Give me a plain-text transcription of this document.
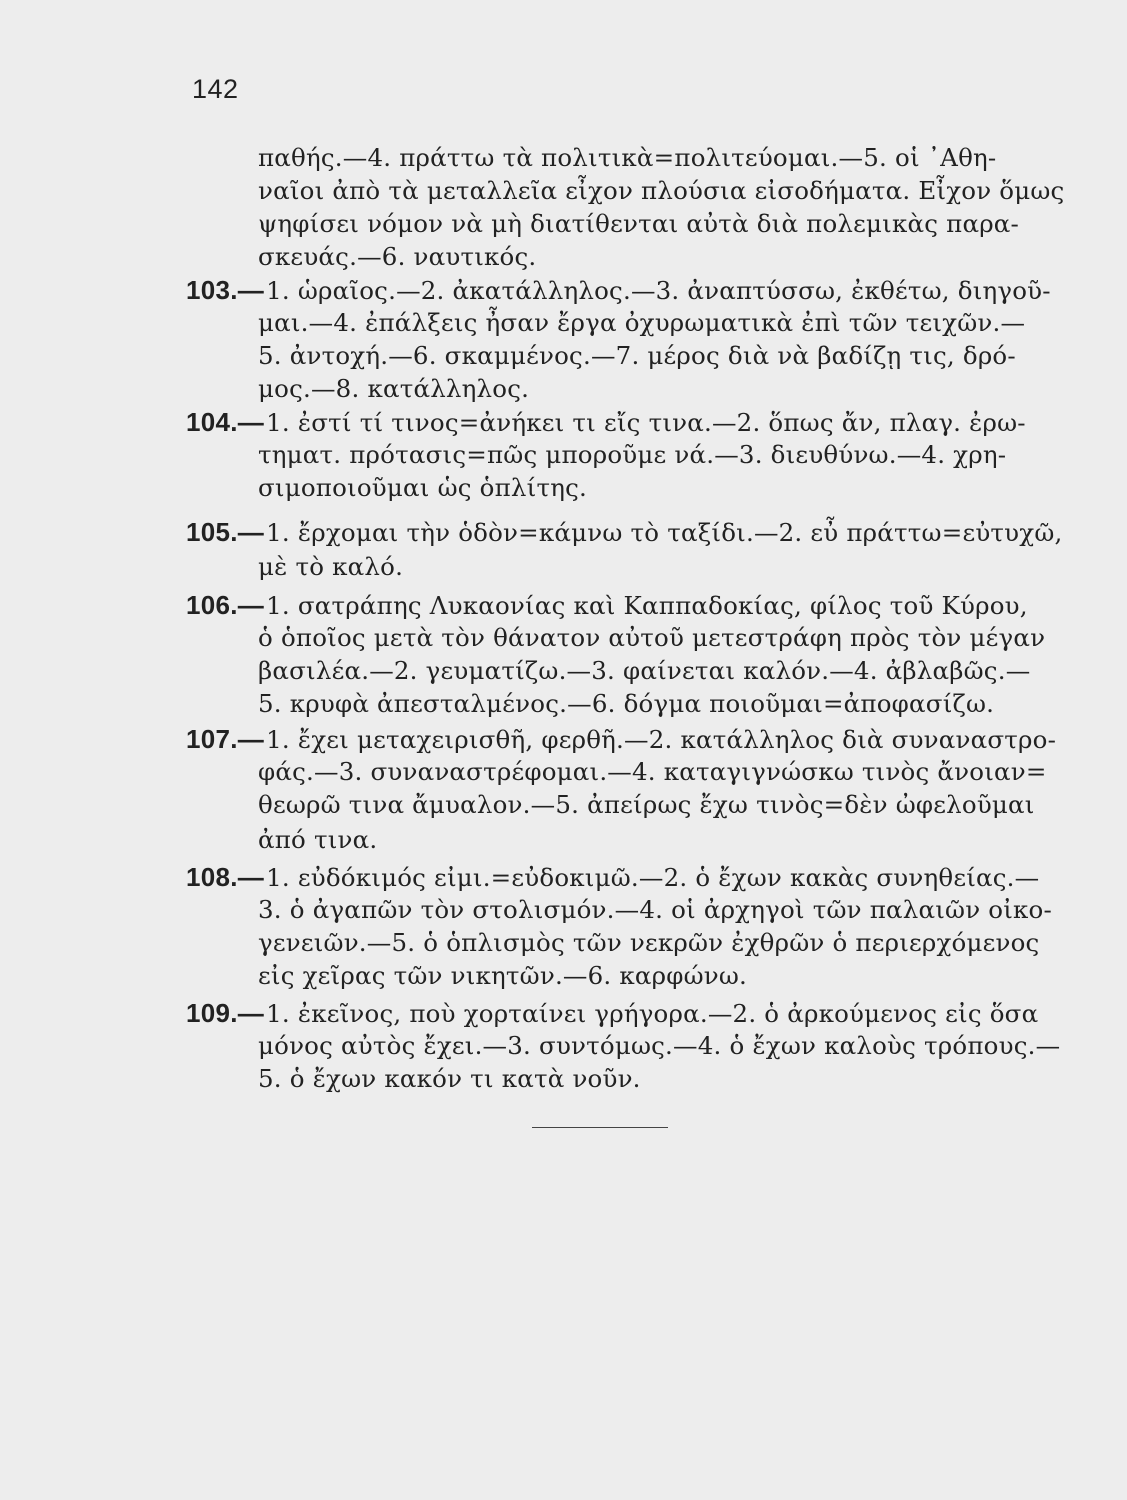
142
παθής.—4. πράττω τὰ πολιτικὰ=πολιτεύομαι.—5. οἱ ᾿Αθη-
ναῖοι ἀπὸ τὰ μεταλλεῖα εἶχον πλούσια εἰσοδήματα. Εἶχον ὅμως
ψηφίσει νόμον νὰ μὴ διατίθενται αὐτὰ διὰ πολεμικὰς παρα-
σκευάς.—6. ναυτικός.
103.—1. ὡραῖος.—2. ἀκατάλληλος.—3. ἀναπτύσσω, ἐκθέτω, διηγοῦ-
μαι.—4. ἐπάλξεις ἦσαν ἔργα ὀχυρωματικὰ ἐπὶ τῶν τειχῶν.—
5. ἀντοχή.—6. σκαμμένος.—7. μέρος διὰ νὰ βαδίζῃ τις, δρό-
μος.—8. κατάλληλος.
104.—1. ἐστί τί τινος=ἀνήκει τι εἴς τινα.—2. ὅπως ἄν, πλαγ. ἐρω-
τηματ. πρότασις=πῶς μποροῦμε νά.—3. διευθύνω.—4. χρη-
σιμοποιοῦμαι ὡς ὁπλίτης.
105.—1. ἔρχομαι τὴν ὁδὸν=κάμνω τὸ ταξίδι.—2. εὖ πράττω=εὐτυχῶ,
μὲ τὸ καλό.
106.—1. σατράπης Λυκαονίας καὶ Καππαδοκίας, φίλος τοῦ Κύρου,
ὁ ὁποῖος μετὰ τὸν θάνατον αὐτοῦ μετεστράφη πρὸς τὸν μέγαν
βασιλέα.—2. γευματίζω.—3. φαίνεται καλόν.—4. ἀβλαβῶς.—
5. κρυφὰ ἀπεσταλμένος.—6. δόγμα ποιοῦμαι=ἀποφασίζω.
107.—1. ἔχει μεταχειρισθῆ, φερθῆ.—2. κατάλληλος διὰ συναναστρο-
φάς.—3. συναναστρέφομαι.—4. καταγιγνώσκω τινὸς ἄνοιαν=
θεωρῶ τινα ἄμυαλον.—5. ἀπείρως ἔχω τινὸς=δὲν ὠφελοῦμαι
ἀπό τινα.
108.—1. εὐδόκιμός εἰμι.=εὐδοκιμῶ.—2. ὁ ἔχων κακὰς συνηθείας.—
3. ὁ ἀγαπῶν τὸν στολισμόν.—4. οἱ ἀρχηγοὶ τῶν παλαιῶν οἰκο-
γενειῶν.—5. ὁ ὁπλισμὸς τῶν νεκρῶν ἐχθρῶν ὁ περιερχόμενος
εἰς χεῖρας τῶν νικητῶν.—6. καρφώνω.
109.—1. ἐκεῖνος, ποὺ χορταίνει γρήγορα.—2. ὁ ἀρκούμενος εἰς ὅσα
μόνος αὐτὸς ἔχει.—3. συντόμως.—4. ὁ ἔχων καλοὺς τρόπους.—
5. ὁ ἔχων κακόν τι κατὰ νοῦν.
